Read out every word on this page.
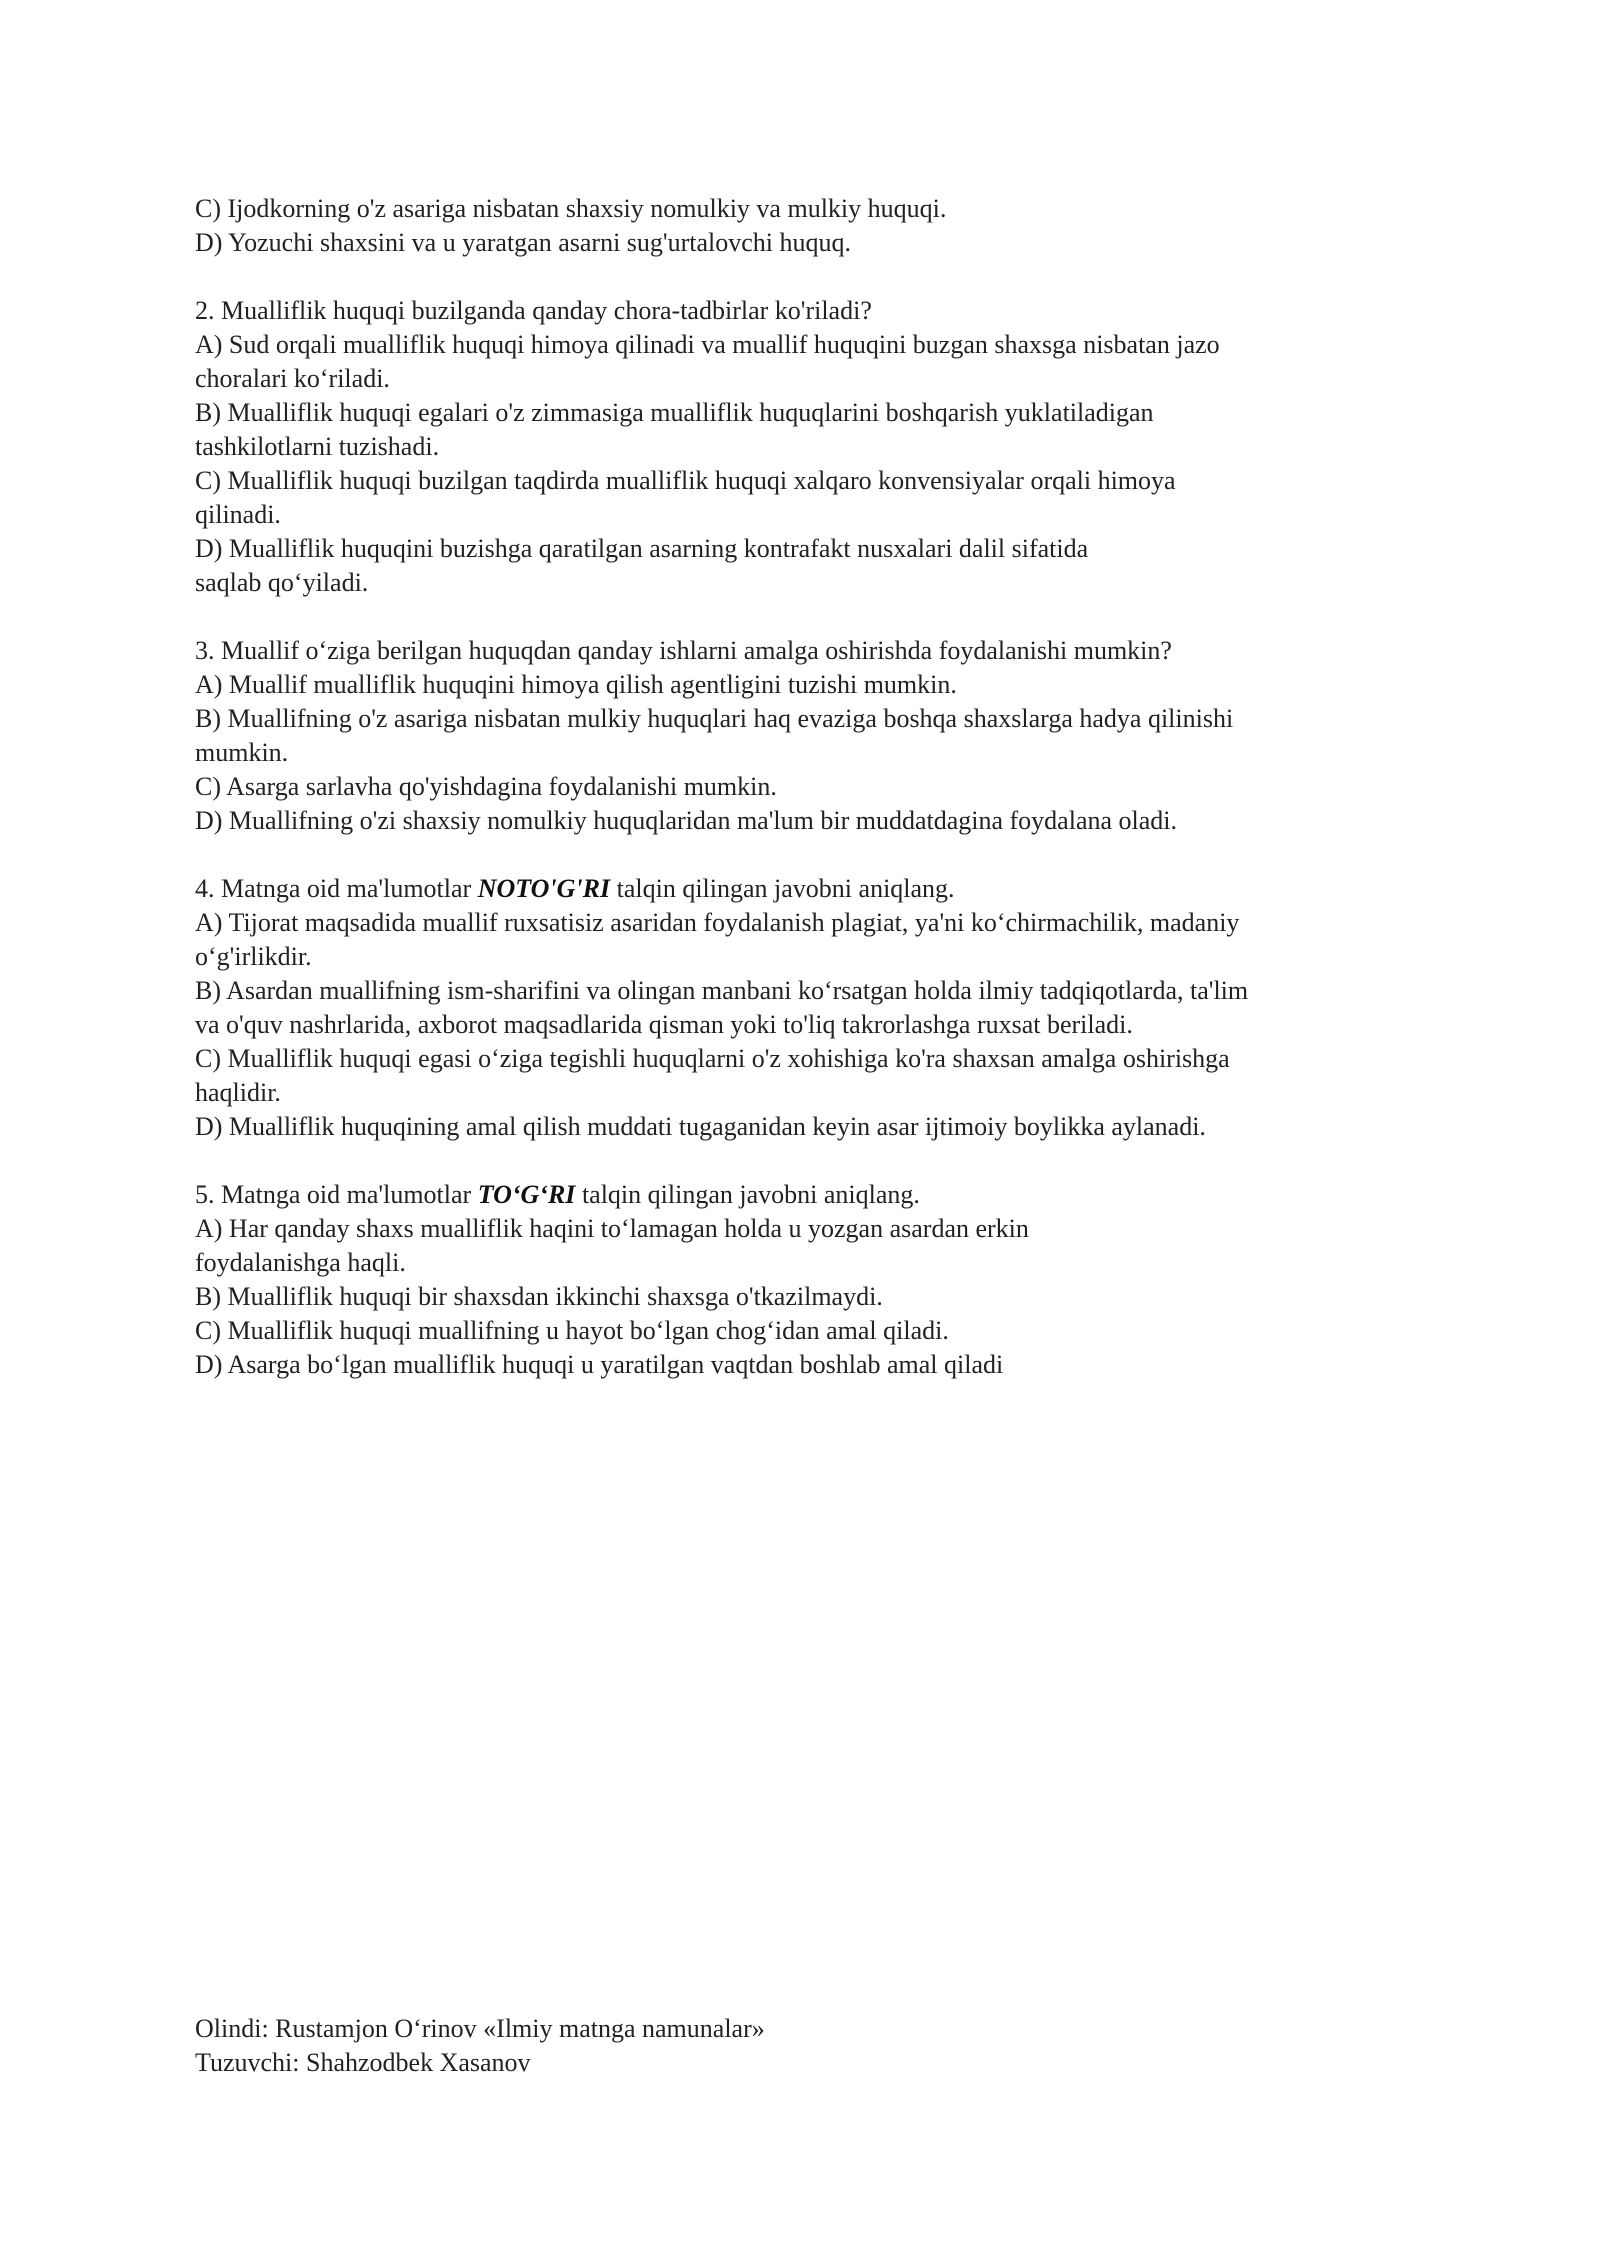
C) Ijodkorning o'z asariga nisbatan shaxsiy nomulkiy va mulkiy huquqi.
D) Yozuchi shaxsini va u yaratgan asarni sug'urtalovchi huquq.
2. Mualliflik huquqi buzilganda qanday chora-tadbirlar ko'riladi?
A) Sud orqali mualliflik huquqi himoya qilinadi va muallif huquqini buzgan shaxsga nisbatan jazo
choralari ko‘riladi.
B) Mualliflik huquqi egalari o'z zimmasiga mualliflik huquqlarini boshqarish yuklatiladigan
tashkilotlarni tuzishadi.
C) Mualliflik huquqi buzilgan taqdirda mualliflik huquqi xalqaro konvensiyalar orqali himoya
qilinadi.
D) Mualliflik huquqini buzishga qaratilgan asarning kontrafakt nusxalari dalil sifatida
saqlab qo‘yiladi.
3. Muallif o‘ziga berilgan huquqdan qanday ishlarni amalga oshirishda foydalanishi mumkin?
A) Muallif mualliflik huquqini himoya qilish agentligini tuzishi mumkin.
B) Muallifning o'z asariga nisbatan mulkiy huquqlari haq evaziga boshqa shaxslarga hadya qilinishi
mumkin.
C) Asarga sarlavha qo'yishdagina foydalanishi mumkin.
D) Muallifning o'zi shaxsiy nomulkiy huquqlaridan ma'lum bir muddatdagina foydalana oladi.
4. Matnga oid ma'lumotlar NOTO'G'RI talqin qilingan javobni aniqlang.
A) Tijorat maqsadida muallif ruxsatisiz asaridan foydalanish plagiat, ya'ni ko‘chirmachilik, madaniy
o‘g'irlikdir.
B) Asardan muallifning ism-sharifini va olingan manbani ko‘rsatgan holda ilmiy tadqiqotlarda, ta'lim
va o'quv nashrlarida, axborot maqsadlarida qisman yoki to'liq takrorlashga ruxsat beriladi.
C) Mualliflik huquqi egasi o‘ziga tegishli huquqlarni o'z xohishiga ko'ra shaxsan amalga oshirishga
haqlidir.
D) Mualliflik huquqining amal qilish muddati tugaganidan keyin asar ijtimoiy boylikka aylanadi.
5. Matnga oid ma'lumotlar TO‘G‘RI talqin qilingan javobni aniqlang.
A) Har qanday shaxs mualliflik haqini to‘lamagan holda u yozgan asardan erkin
foydalanishga haqli.
B) Mualliflik huquqi bir shaxsdan ikkinchi shaxsga o'tkazilmaydi.
C) Mualliflik huquqi muallifning u hayot bo‘lgan chog‘idan amal qiladi.
D) Asarga bo‘lgan mualliflik huquqi u yaratilgan vaqtdan boshlab amal qiladi
Olindi: Rustamjon O‘rinov «Ilmiy matnga namunalar»
Tuzuvchi: Shahzodbek Xasanov
